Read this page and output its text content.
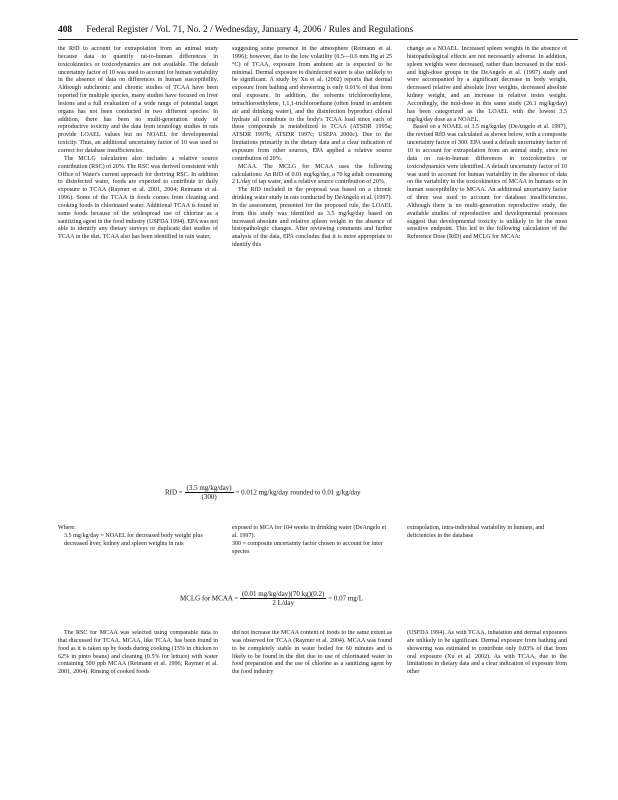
408 Federal Register / Vol. 71, No. 2 / Wednesday, January 4, 2006 / Rules and Regulations

the RfD to account for extrapolation from an animal study because data to quantify rat-to-human differences in toxicokinetics or toxicodynamics are not available. The default uncertainty factor of 10 was used to account for human variability in the absence of data on differences in human susceptibility. Although subchronic and chronic studies of TCAA have been reported for multiple species, many studies have focused on liver lesions and a full evaluation of a wide range of potential target organs has not been conducted in two different species. In addition, there has been no multi-generation study of reproductive toxicity and the data from teratology studies in rats provide LOAEL values but no NOAEL for developmental toxicity. Thus, an additional uncertainty factor of 10 was used to correct for database insufficiencies.

The MCLG calculation also includes a relative source contribution (RSC) of 20%. The RSC was derived consistent with Office of Water's current approach for deriving RSC. In addition to disinfected water, foods are expected to contribute to daily exposure to TCAA (Raymer et al. 2001, 2004; Reimann et al. 1996). Some of the TCAA in foods comes from cleaning and cooking foods in chlorinated water. Additional TCAA is found in some foods because of the widespread use of chlorine as a sanitizing agent in the food industry (USFDA 1994). EPA was not able to identify any dietary surveys or duplicate diet studies of TCAA in the diet. TCAA also has been identified in rain water,

suggesting some presence in the atmosphere (Reimann et al. 1996); however, due to the low volatility (0.5—0.6 mm Hg at 25 °C) of TCAA, exposure from ambient air is expected to be minimal. Dermal exposure to disinfected water is also unlikely to be significant. A study by Xu et al. (2002) reports that dermal exposure from bathing and showering is only 0.01% of that from oral exposure. In addition, the solvents trichloroethylene, tetrachloroethylene, 1,1,1-trichloroethane (often found in ambient air and drinking water), and the disinfection byproduct chloral hydrate all contribute to the body's TCAA load since each of these compounds is metabolized to TCAA (ATSDR 1995a; ATSDR 1997b; ATSDR 1997c; USEPA 2000c). Due to the limitations primarily in the dietary data and a clear indication of exposure from other sources, EPA applied a relative source contribution of 20%.

MCAA. The MCLG for MCAA uses the following calculations: An RfD of 0.01 mg/kg/day, a 70 kg adult consuming 2 L/day of tap water, and a relative source contribution of 20%.

The RfD included in the proposal was based on a chronic drinking water study in rats conducted by DeAngelo et al. (1997). In the assessment, presented for the proposed rule, the LOAEL from this study was identified as 3.5 mg/kg/day based on increased absolute and relative spleen weight in the absence of histopathologic changes. After reviewing comments and further analysis of the data, EPA concludes that it is more appropriate to identify this

change as a NOAEL. Increased spleen weights in the absence of histopathological effects are not necessarily adverse. In addition, spleen weights were decreased, rather than increased in the mid- and high-dose groups in the DeAngelo et al. (1997) study and were accompanied by a significant decrease in body weight, decreased relative and absolute liver weights, decreased absolute kidney weight, and an increase in relative testes weight. Accordingly, the mid-dose in this same study (26.1 mg/kg/day) has been categorized as the LOAEL with the lowest 3.5 mg/kg/day dose as a NOAEL.

Based on a NOAEL of 3.5 mg/kg/day (DeAngelo et al. 1997), the revised RfD was calculated as shown below, with a composite uncertainty factor of 300. EPA used a default uncertainty factor of 10 to account for extrapolation from an animal study, since no data on rat-to-human differences in toxicokinetics or toxicodynamics were identified. A default uncertainty factor of 10 was used to account for human variability in the absence of data on the variability in the toxicokinetics of MCAA in humans or in human susceptibility to MCAA. An additional uncertainty factor of three was used to account for database insufficiencies. Although there is no multi-generation reproductive study, the available studies of reproductive and developmental processes suggest that developmental toxicity is unlikely to be the most sensitive endpoint. This led to the following calculation of the Reference Dose (RfD) and MCLG for MCAA:

RfD = $\frac{\text{(3.5 mg/kg/day)}}{(300)} = 0.012$ mg/kg/day rounded to 0.01 g/kg/day
Where:
3.5 mg/kg/day = NOAEL for decreased body weight plus decreased liver, kidney and spleen weights in rats
exposed to MCA for 104 weeks in drinking water (DeAngelo et al. 1997).
300 = composite uncertainty factor chosen to account for inter species
extrapolation, intra-individual variability in humans, and deficiencies in the database
MCLG for MCAA = $\frac{\text{(0.01 mg/kg/day)(70 kg)(0.2)}}{\text{2 L/day}} = 0.07$ mg/L

The RSC for MCAA was selected using comparable data to that discussed for TCAA. MCAA, like TCAA, has been found in food as it is taken up by foods during cooking (15% in chicken to 62% in pinto beans) and cleaning (0.5% for lettuce) with water containing 500 ppb MCAA (Reimann et al. 1996; Raymer et al. 2001, 2004). Rinsing of cooked foods

did not increase the MCAA content of foods to the same extent as was observed for TCAA (Raymer et al. 2004). MCAA was found to be completely stable in water boiled for 60 minutes and is likely to be found in the diet due to use of chlorinated water in food preparation and the use of chlorine as a sanitizing agent by the food industry

(USFDA 1994). As with TCAA, inhalation and dermal exposures are unlikely to be significant. Dermal exposure from bathing and showering was estimated to contribute only 0.03% of that from oral exposure (Xu et al. 2002). As with TCAA, due to the limitations in dietary data and a clear indication of exposure from other
